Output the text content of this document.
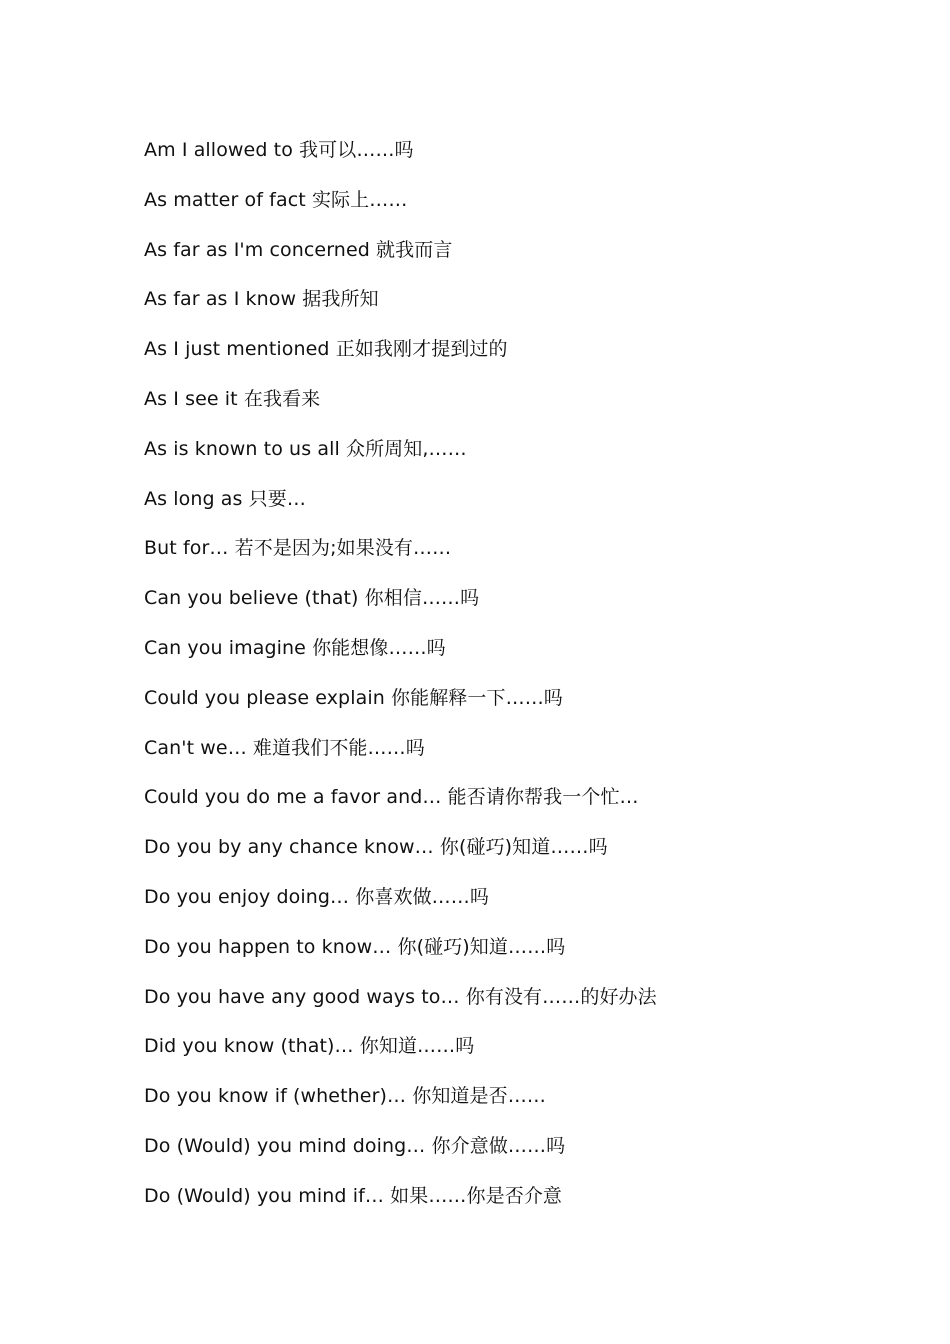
Am I allowed to 我可以……吗
As matter of fact 实际上……
As far as I'm concerned 就我而言
As far as I know 据我所知
As I just mentioned 正如我刚才提到过的
As I see it 在我看来
As is known to us all 众所周知,……
As long as 只要…
But for… 若不是因为;如果没有……
Can you believe (that) 你相信……吗
Can you imagine 你能想像……吗
Could you please explain 你能解释一下……吗
Can't we… 难道我们不能……吗
Could you do me a favor and… 能否请你帮我一个忙…
Do you by any chance know… 你(碰巧)知道……吗
Do you enjoy doing… 你喜欢做……吗
Do you happen to know… 你(碰巧)知道……吗
Do you have any good ways to… 你有没有……的好办法
Did you know (that)… 你知道……吗
Do you know if (whether)… 你知道是否……
Do (Would) you mind doing… 你介意做……吗
Do (Would) you mind if… 如果……你是否介意
